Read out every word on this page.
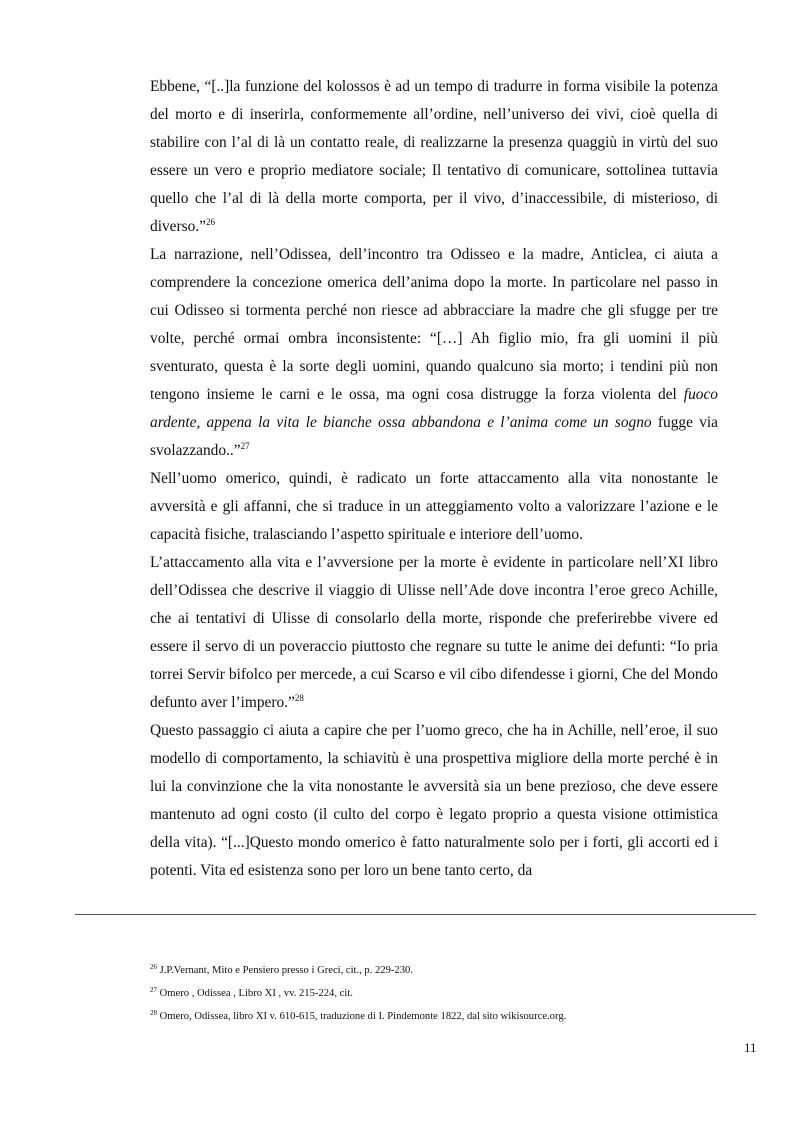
Ebbene, “[..]la funzione del kolossos è ad un tempo di tradurre in forma visibile la potenza del morto e di inserirla, conformemente all’ordine, nell’universo dei vivi, cioè quella di stabilire con l’al di là un contatto reale, di realizzarne la presenza quaggiù in virtù del suo essere un vero e proprio mediatore sociale; Il tentativo di comunicare, sottolinea tuttavia quello che l’al di là della morte comporta, per il vivo, d’inaccessibile, di misterioso, di diverso.”$^{26}$

La narrazione, nell’Odissea, dell’incontro tra Odisseo e la madre, Anticlea, ci aiuta a comprendere la concezione omerica dell’anima dopo la morte. In particolare nel passo in cui Odisseo si tormenta perché non riesce ad abbracciare la madre che gli sfugge per tre volte, perché ormai ombra inconsistente: “[…] Ah figlio mio, fra gli uomini il più sventurato, questa è la sorte degli uomini, quando qualcuno sia morto; i tendini più non tengono insieme le carni e le ossa, ma ogni cosa distrugge la forza violenta del fuoco ardente, appena la vita le bianche ossa abbandona e l’anima come un sogno fugge via svolazzando..”$^{27}$

Nell’uomo omerico, quindi, è radicato un forte attaccamento alla vita nonostante le avversità e gli affanni, che si traduce in un atteggiamento volto a valorizzare l’azione e le capacità fisiche, tralasciando l’aspetto spirituale e interiore dell’uomo.

L’attaccamento alla vita e l’avversione per la morte è evidente in particolare nell’XI libro dell’Odissea che descrive il viaggio di Ulisse nell’Ade dove incontra l’eroe greco Achille, che ai tentativi di Ulisse di consolarlo della morte, risponde che preferirebbe vivere ed essere il servo di un poveraccio piuttosto che regnare su tutte le anime dei defunti: “Io pria torrei Servir bifolco per mercede, a cui Scarso e vil cibo difendesse i giorni, Che del Mondo defunto aver l’impero.”$^{28}$

Questo passaggio ci aiuta a capire che per l’uomo greco, che ha in Achille, nell’eroe, il suo modello di comportamento, la schiavitù è una prospettiva migliore della morte perché è in lui la convinzione che la vita nonostante le avversità sia un bene prezioso, che deve essere mantenuto ad ogni costo (il culto del corpo è legato proprio a questa visione ottimistica della vita). “[...]Questo mondo omerico è fatto naturalmente solo per i forti, gli accorti ed i potenti. Vita ed esistenza sono per loro un bene tanto certo, da

$^{26}$ J.P.Vernant, Mito e Pensiero presso i Greci, cit., p. 229-230.

$^{27}$ Omero , Odissea , Libro XI , vv. 215-224, cit.

$^{28}$ Omero, Odissea, libro XI v. 610-615, traduzione di I. Pindemonte 1822, dal sito wikisource.org.

11
